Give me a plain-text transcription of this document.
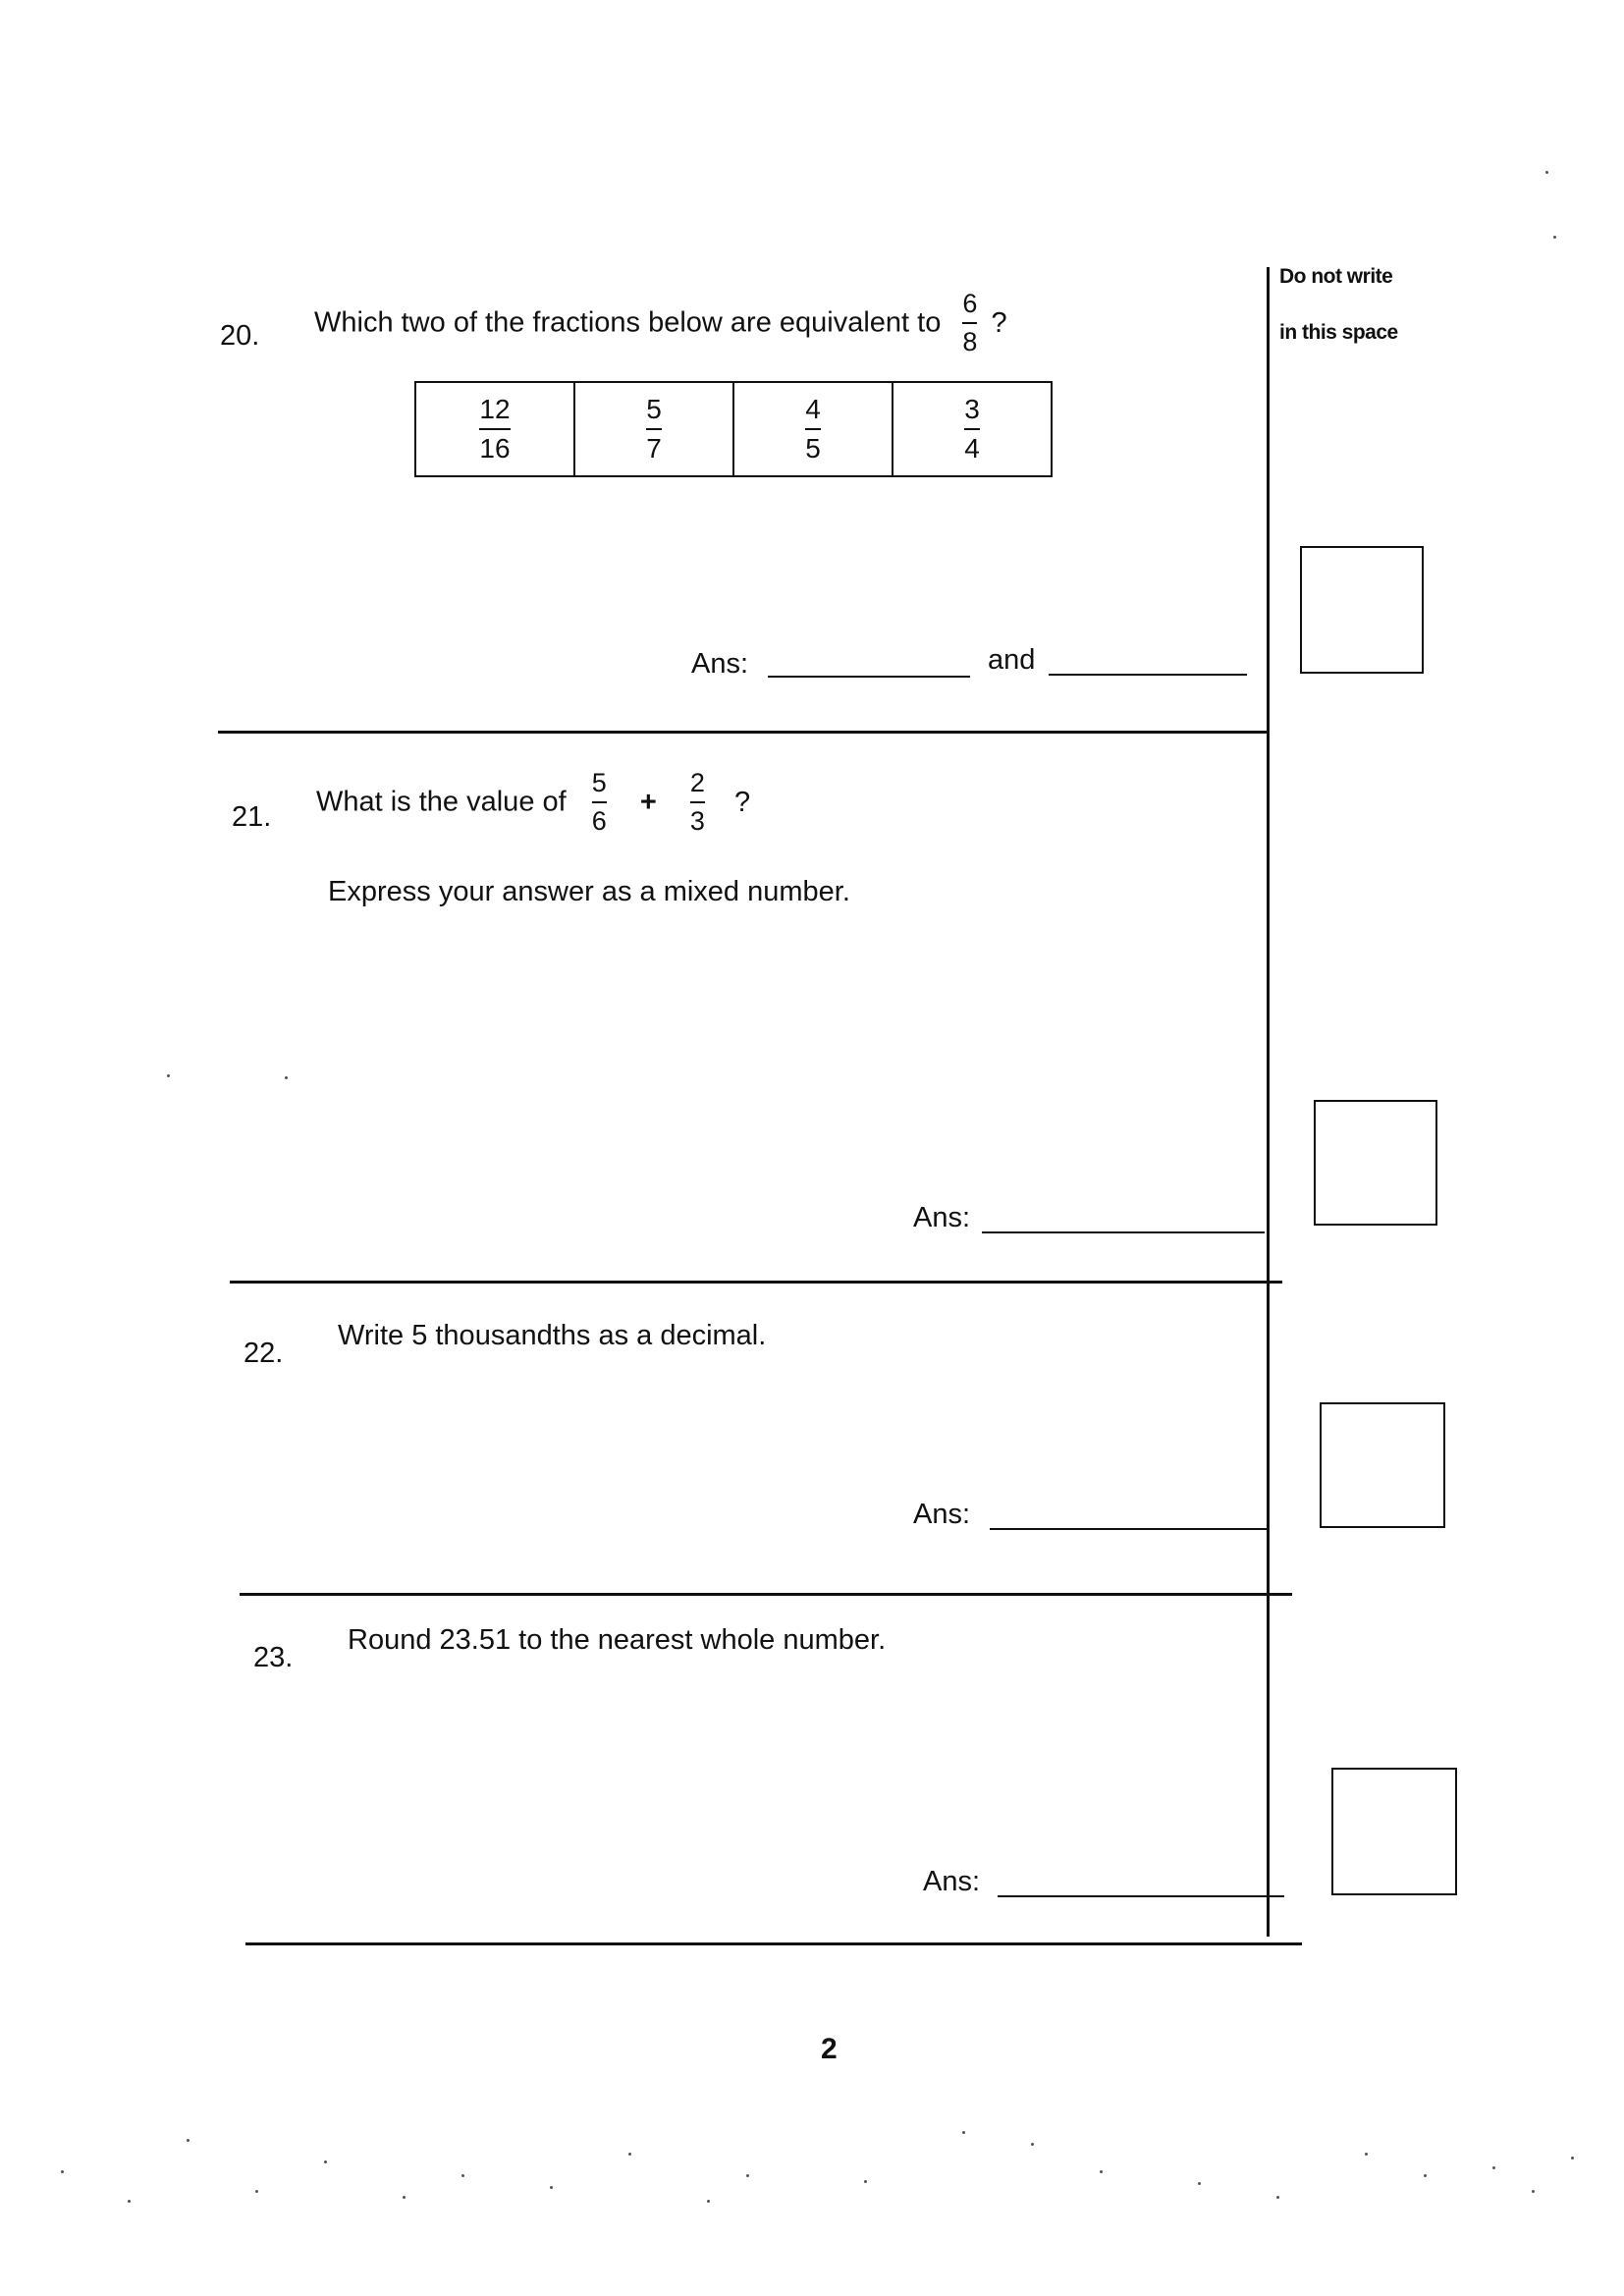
Do not write
in this space
20. Which two of the fractions below are equivalent to $\frac{6}{8}$ ?
$\frac{12}{16}$	$\frac{5}{7}$	$\frac{4}{5}$	$\frac{3}{4}$
Ans:	and
21. What is the value of $\frac{5}{6} + \frac{2}{3}$ ?
Express your answer as a mixed number.
Ans:
22.
Write 5 thousandths as a decimal.
Ans:
23.
Round 23.51 to the nearest whole number.
Ans:
2
